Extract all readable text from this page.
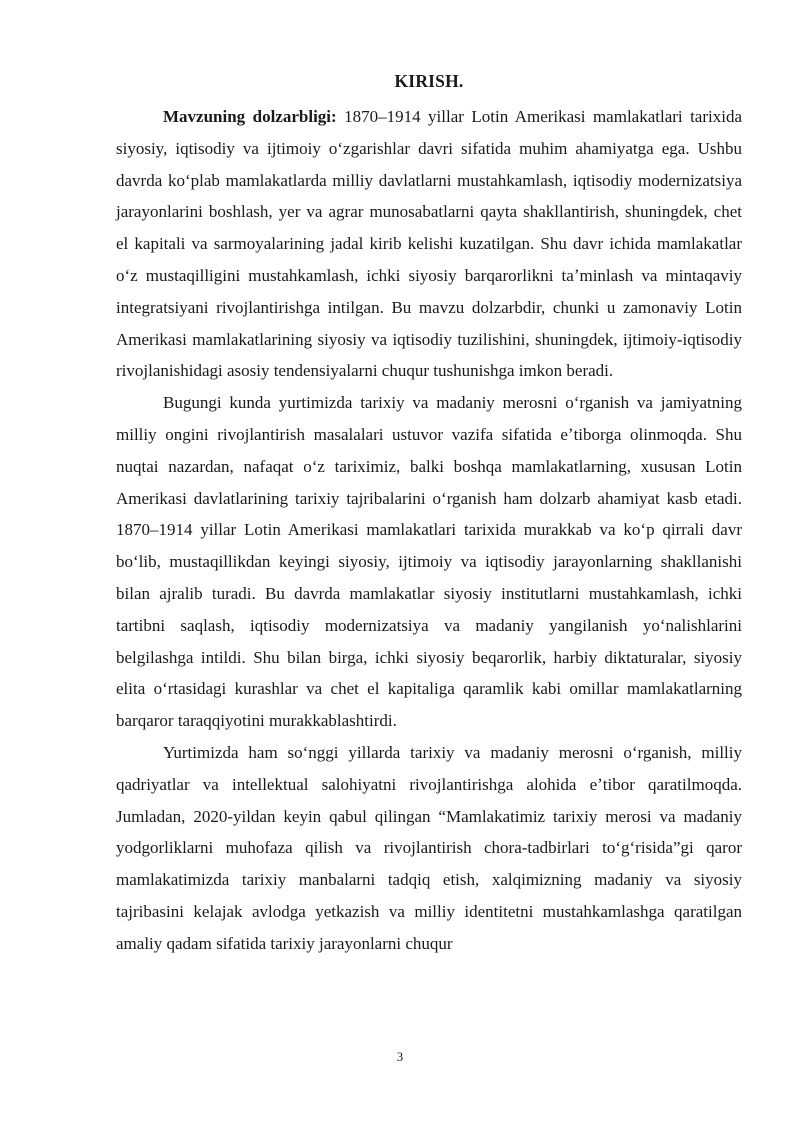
KIRISH.

Mavzuning dolzarbligi: 1870–1914 yillar Lotin Amerikasi mamlakatlari tarixida siyosiy, iqtisodiy va ijtimoiy oʻzgarishlar davri sifatida muhim ahamiyatga ega. Ushbu davrda koʻplab mamlakatlarda milliy davlatlarni mustahkamlash, iqtisodiy modernizatsiya jarayonlarini boshlash, yer va agrar munosabatlarni qayta shakllantirish, shuningdek, chet el kapitali va sarmoyalarining jadal kirib kelishi kuzatilgan. Shu davr ichida mamlakatlar oʻz mustaqilligini mustahkamlash, ichki siyosiy barqarorlikni taʼminlash va mintaqaviy integratsiyani rivojlantirishga intilgan. Bu mavzu dolzarbdir, chunki u zamonaviy Lotin Amerikasi mamlakatlarining siyosiy va iqtisodiy tuzilishini, shuningdek, ijtimoiy-iqtisodiy rivojlanishidagi asosiy tendensiyalarni chuqur tushunishga imkon beradi.

Bugungi kunda yurtimizda tarixiy va madaniy merosni oʻrganish va jamiyatning milliy ongini rivojlantirish masalalari ustuvor vazifa sifatida eʼtiborga olinmoqda. Shu nuqtai nazardan, nafaqat oʻz tariximiz, balki boshqa mamlakatlarning, xususan Lotin Amerikasi davlatlarining tarixiy tajribalarini oʻrganish ham dolzarb ahamiyat kasb etadi. 1870–1914 yillar Lotin Amerikasi mamlakatlari tarixida murakkab va koʻp qirrali davr boʻlib, mustaqillikdan keyingi siyosiy, ijtimoiy va iqtisodiy jarayonlarning shakllanishi bilan ajralib turadi. Bu davrda mamlakatlar siyosiy institutlarni mustahkamlash, ichki tartibni saqlash, iqtisodiy modernizatsiya va madaniy yangilanish yoʻnalishlarini belgilashga intildi. Shu bilan birga, ichki siyosiy beqarorlik, harbiy diktaturalar, siyosiy elita oʻrtasidagi kurashlar va chet el kapitaliga qaramlik kabi omillar mamlakatlarning barqaror taraqqiyotini murakkablashtirdi.

Yurtimizda ham soʻnggi yillarda tarixiy va madaniy merosni oʻrganish, milliy qadriyatlar va intellektual salohiyatni rivojlantirishga alohida eʼtibor qaratilmoqda. Jumladan, 2020-yildan keyin qabul qilingan “Mamlakatimiz tarixiy merosi va madaniy yodgorliklarni muhofaza qilish va rivojlantirish chora-tadbirlari toʻgʻrisida”gi qaror mamlakatimizda tarixiy manbalarni tadqiq etish, xalqimizning madaniy va siyosiy tajribasini kelajak avlodga yetkazish va milliy identitetni mustahkamlashga qaratilgan amaliy qadam sifatida tarixiy jarayonlarni chuqur

3
